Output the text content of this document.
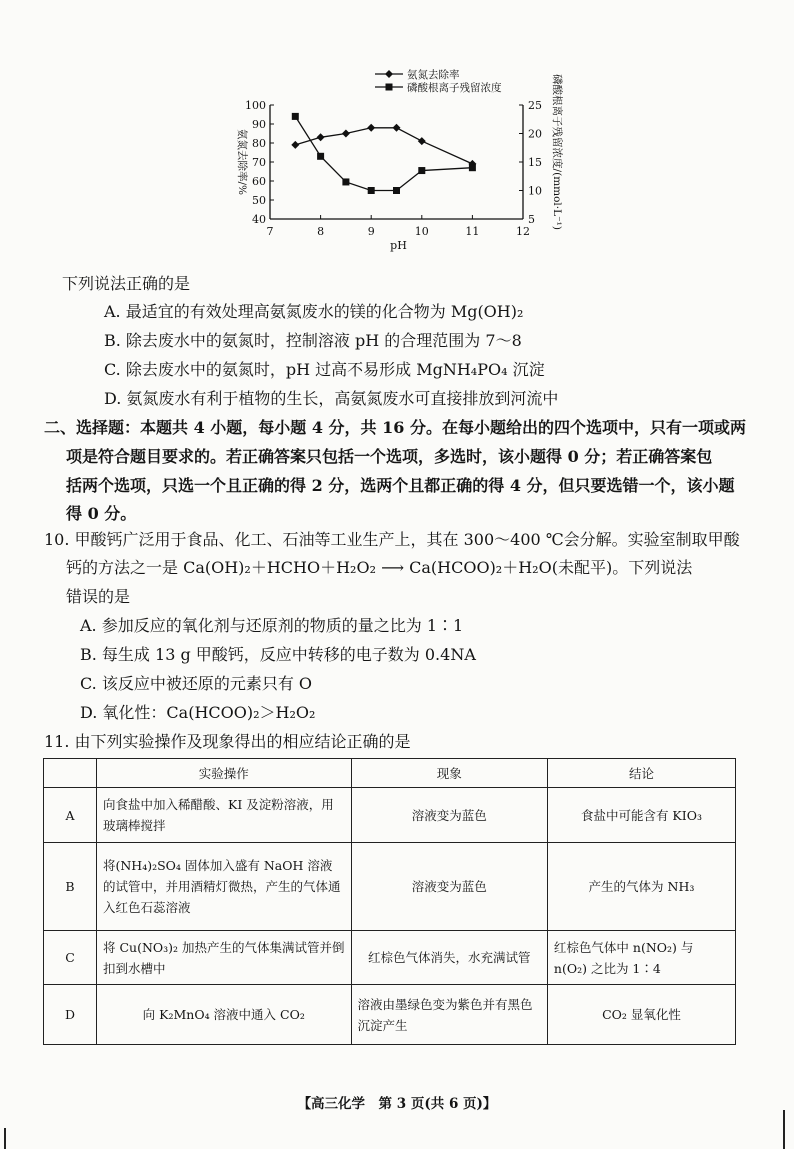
7	8	9	10	11	12
40
50
60
70
80
90
100
5
10
15
20
25
pH
氨氮去除率/%	磷酸根离子残留浓度/(mmol·L⁻¹)
氨氮去除率
磷酸根离子残留浓度
下列说法正确的是
A. 最适宜的有效处理高氨氮废水的镁的化合物为 Mg(OH)₂
B. 除去废水中的氨氮时，控制溶液 pH 的合理范围为 7～8
C. 除去废水中的氨氮时，pH 过高不易形成 MgNH₄PO₄ 沉淀
D. 氨氮废水有利于植物的生长，高氨氮废水可直接排放到河流中
二、选择题：本题共 4 小题，每小题 4 分，共 16 分。在每小题给出的四个选项中，只有一项或两
项是符合题目要求的。若正确答案只包括一个选项，多选时，该小题得 0 分；若正确答案包
括两个选项，只选一个且正确的得 2 分，选两个且都正确的得 4 分，但只要选错一个，该小题
得 0 分。
10. 甲酸钙广泛用于食品、化工、石油等工业生产上，其在 300～400 ℃会分解。实验室制取甲酸
钙的方法之一是 Ca(OH)₂＋HCHO＋H₂O₂ ⟶ Ca(HCOO)₂＋H₂O(未配平)。下列说法
错误的是
A. 参加反应的氧化剂与还原剂的物质的量之比为 1∶1
B. 每生成 13 g 甲酸钙，反应中转移的电子数为 0.4NA
C. 该反应中被还原的元素只有 O
D. 氧化性：Ca(HCOO)₂＞H₂O₂
11. 由下列实验操作及现象得出的相应结论正确的是
	实验操作	现象	结论
A	向食盐中加入稀醋酸、KI 及淀粉溶液，用玻璃棒搅拌	溶液变为蓝色	食盐中可能含有 KIO₃
B	将(NH₄)₂SO₄ 固体加入盛有 NaOH 溶液的试管中，并用酒精灯微热，产生的气体通入红色石蕊溶液	溶液变为蓝色	产生的气体为 NH₃
C	将 Cu(NO₃)₂ 加热产生的气体集满试管并倒扣到水槽中	红棕色气体消失，水充满试管	红棕色气体中 n(NO₂) 与 n(O₂) 之比为 1∶4
D	向 K₂MnO₄ 溶液中通入 CO₂	溶液由墨绿色变为紫色并有黑色沉淀产生	CO₂ 显氧化性
【高三化学　第 3 页(共 6 页)】
